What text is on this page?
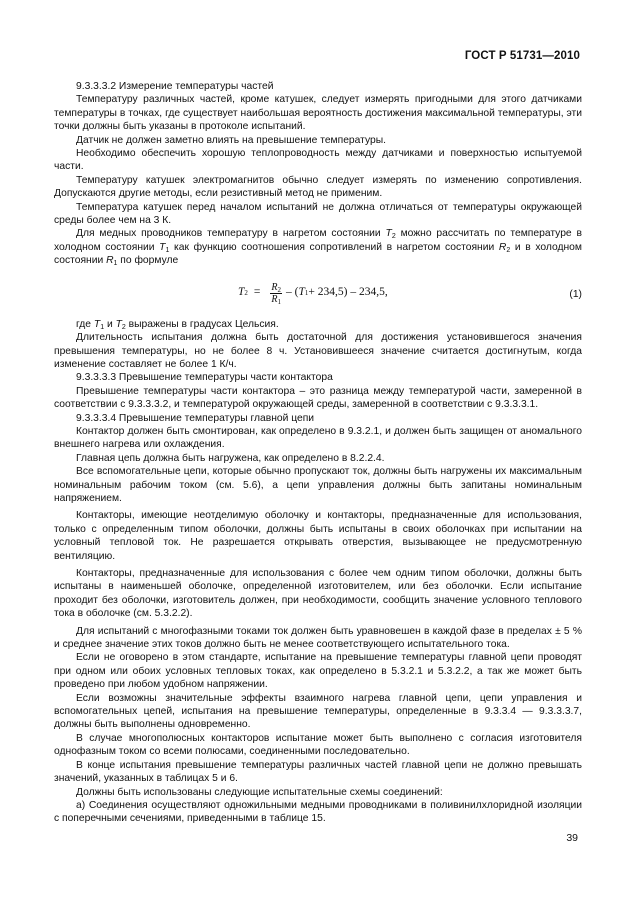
ГОСТ Р 51731—2010

9.3.3.3.2 Измерение температуры частей

Температуру различных частей, кроме катушек, следует измерять пригодными для этого датчиками температуры в точках, где существует наибольшая вероятность достижения максимальной температуры, эти точки должны быть указаны в протоколе испытаний.

Датчик не должен заметно влиять на превышение температуры.

Необходимо обеспечить хорошую теплопроводность между датчиками и поверхностью испытуемой части.

Температуру катушек электромагнитов обычно следует измерять по изменению сопротивления. Допускаются другие методы, если резистивный метод не применим.

Температура катушек перед началом испытаний не должна отличаться от температуры окружающей среды более чем на 3 К.

Для медных проводников температуру в нагретом состоянии $T_2$ можно рассчитать по температуре в холодном состоянии $T_1$ как функцию соотношения сопротивлений в нагретом состоянии $R_2$ и в холодном состоянии $R_1$ по формуле

T $2 = \frac{R_2}{R_1}$ – ( T 1 + 234,5) – 234,5,	(1)

где $T_1$ и $T_2$ выражены в градусах Цельсия.

Длительность испытания должна быть достаточной для достижения установившегося значения превышения температуры, но не более 8 ч. Установившееся значение считается достигнутым, когда изменение составляет не более 1 К/ч.

9.3.3.3.3 Превышение температуры части контактора

Превышение температуры части контактора – это разница между температурой части, замеренной в соответствии с 9.3.3.3.2, и температурой окружающей среды, замеренной в соответствии с 9.3.3.3.1.

9.3.3.3.4 Превышение температуры главной цепи

Контактор должен быть смонтирован, как определено в 9.3.2.1, и должен быть защищен от аномального внешнего нагрева или охлаждения.

Главная цепь должна быть нагружена, как определено в 8.2.2.4.

Все вспомогательные цепи, которые обычно пропускают ток, должны быть нагружены их максимальным номинальным рабочим током (см. 5.6), а цепи управления должны быть запитаны номинальным напряжением.

Контакторы, имеющие неотделимую оболочку и контакторы, предназначенные для использования, только с определенным типом оболочки, должны быть испытаны в своих оболочках при испытании на условный тепловой ток. Не разрешается открывать отверстия, вызывающее не предусмотренную вентиляцию.

Контакторы, предназначенные для использования с более чем одним типом оболочки, должны быть испытаны в наименьшей оболочке, определенной изготовителем, или без оболочки. Если испытание проходит без оболочки, изготовитель должен, при необходимости, сообщить значение условного теплового тока в оболочке (см. 5.3.2.2).

Для испытаний с многофазными токами ток должен быть уравновешен в каждой фазе в пределах ± 5 % и среднее значение этих токов должно быть не менее соответствующего испытательного тока.

Если не оговорено в этом стандарте, испытание на превышение температуры главной цепи проводят при одном или обоих условных тепловых токах, как определено в 5.3.2.1 и 5.3.2.2, а так же может быть проведено при любом удобном напряжении.

Если возможны значительные эффекты взаимного нагрева главной цепи, цепи управления и вспомогательных цепей, испытания на превышение температуры, определенные в 9.3.3.4 — 9.3.3.3.7, должны быть выполнены одновременно.

В случае многополюсных контакторов испытание может быть выполнено с согласия изготовителя однофазным током со всеми полюсами, соединенными последовательно.

В конце испытания превышение температуры различных частей главной цепи не должно превышать значений, указанных в таблицах 5 и 6.

Должны быть использованы следующие испытательные схемы соединений:

а) Соединения осуществляют одножильными медными проводниками в поливинилхлоридной изоляции с поперечными сечениями, приведенными в таблице 15.

39
